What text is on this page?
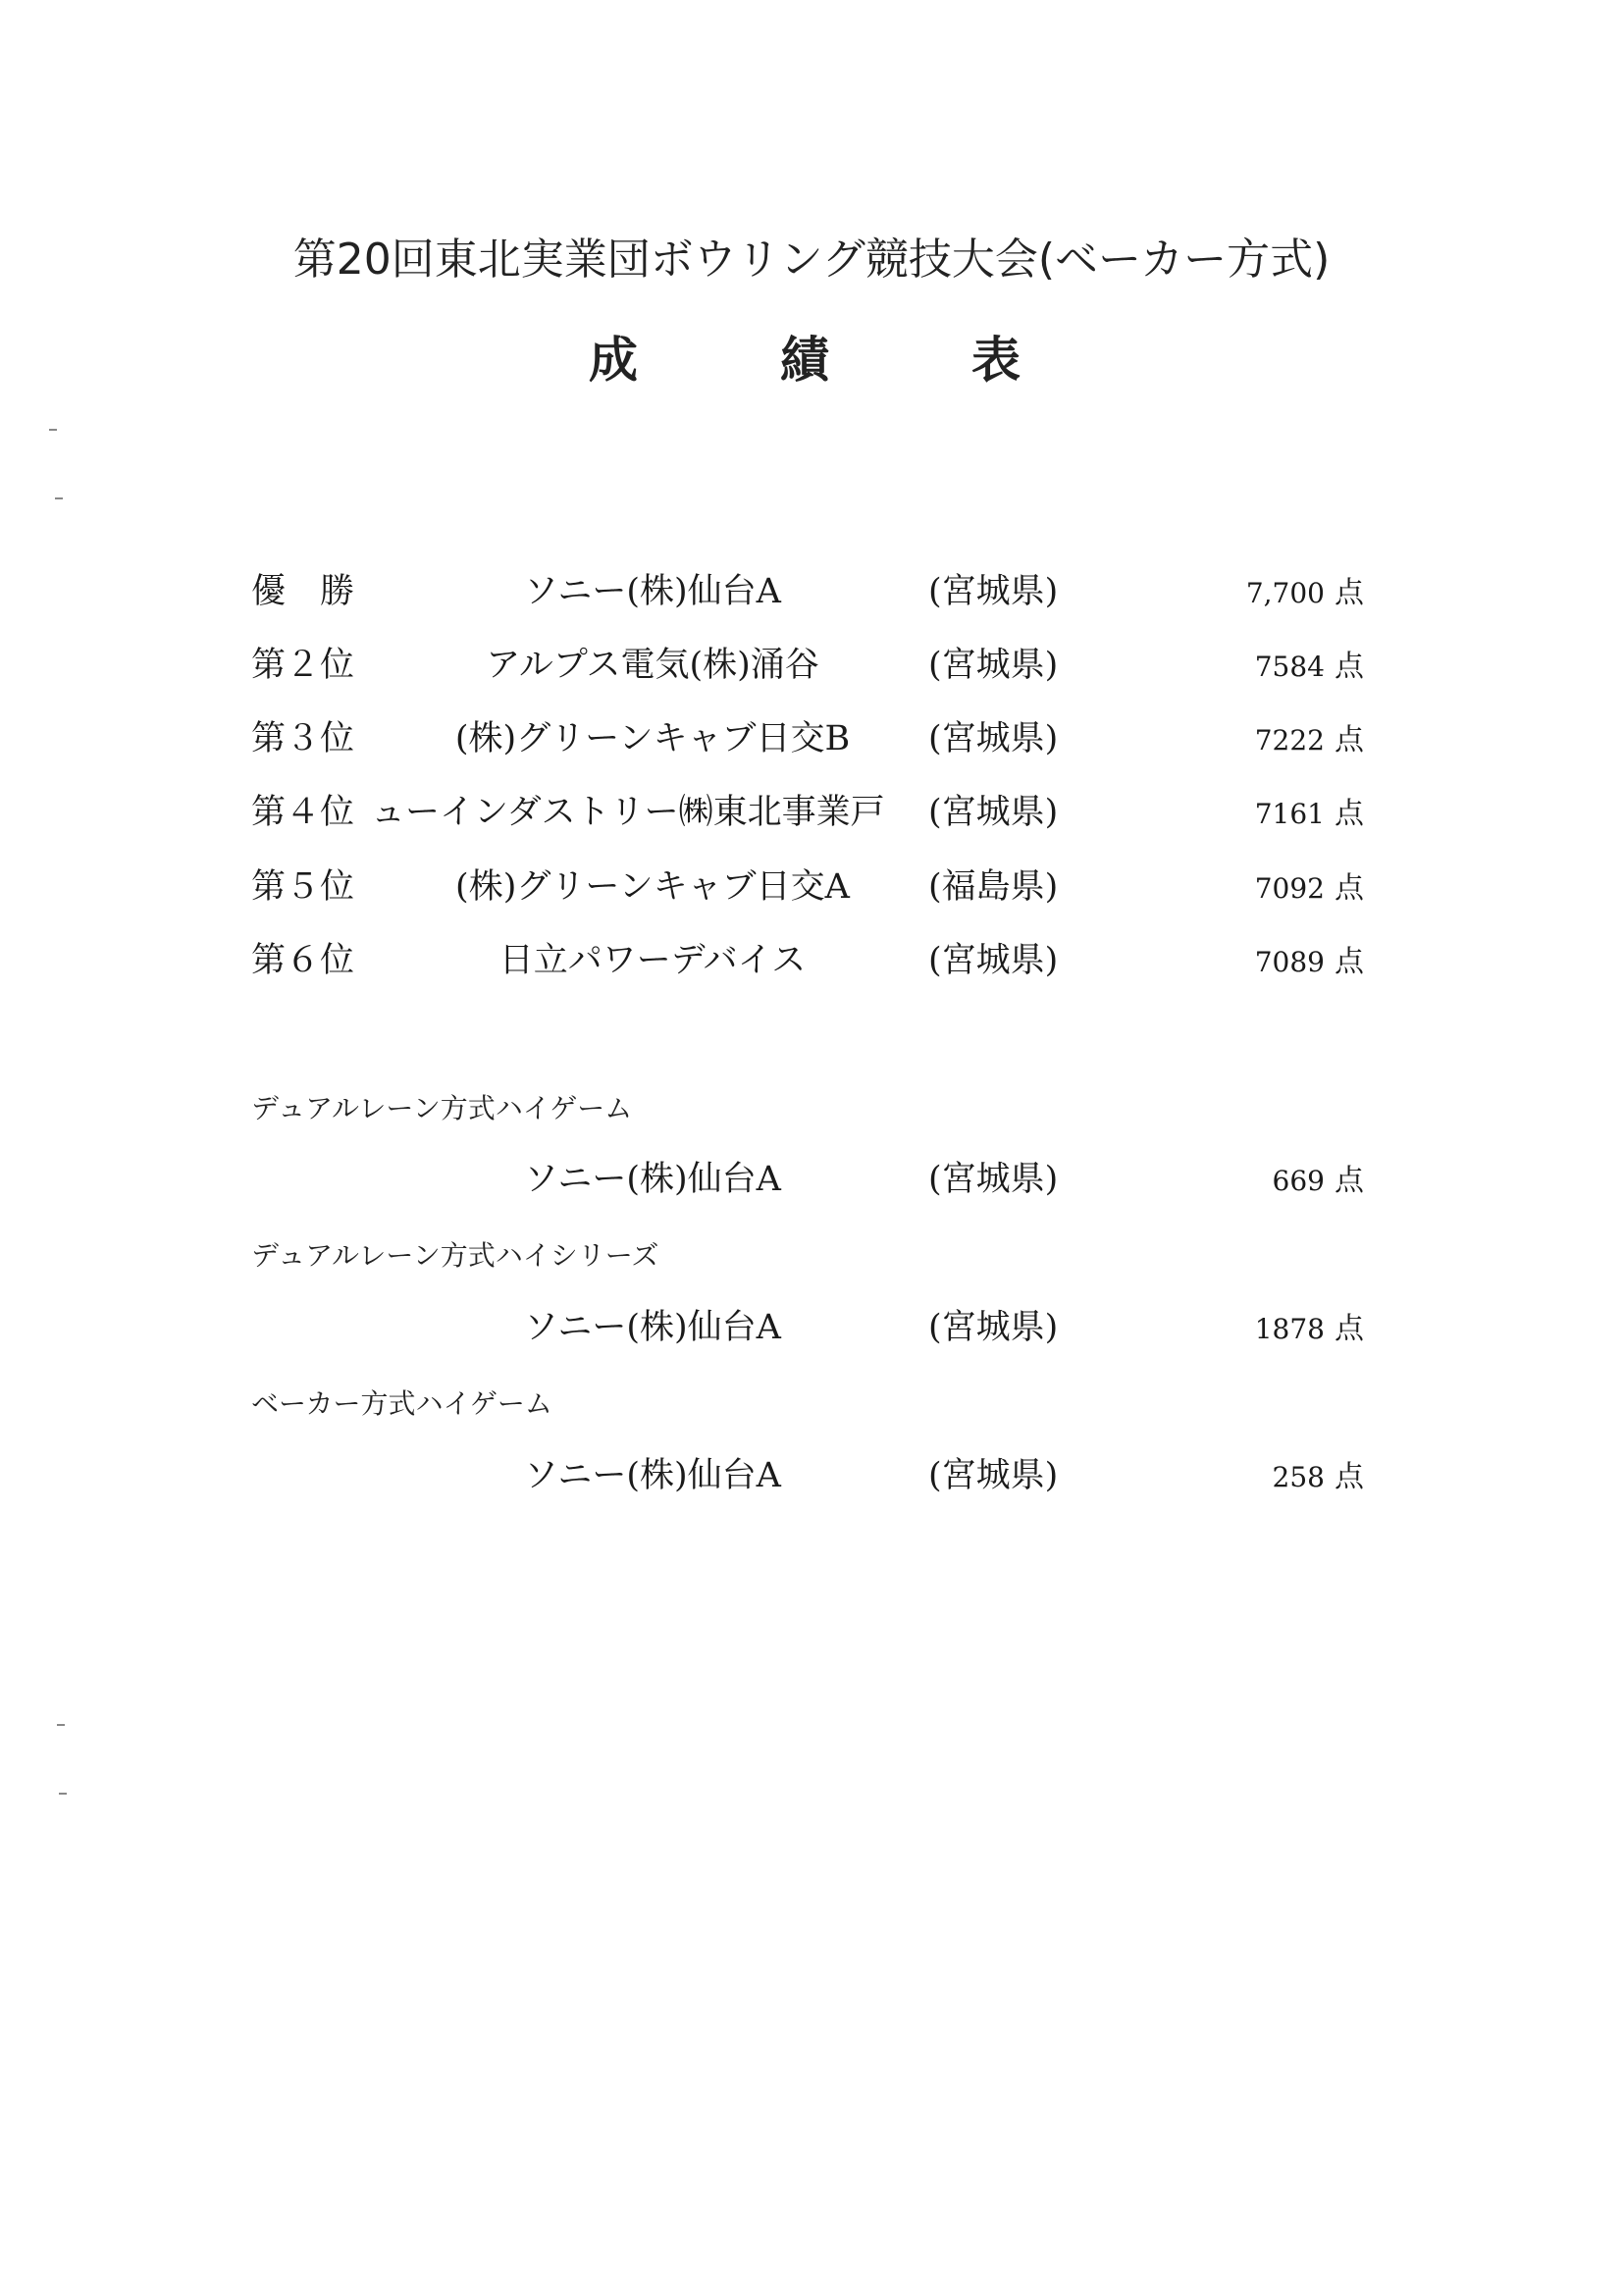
第20回東北実業団ボウリング競技大会(ベーカー方式)
成	績	表
優　勝	ソニー(株)仙台A	(宮城県)	7,700 点
第２位	アルプス電気(株)涌谷	(宮城県)	7584 点
第３位	(株)グリーンキャブ日交B (宮城県)	7222 点
第４位 ューインダストリー㈱東北事業戸	(宮城県)	7161 点
第５位	(株)グリーンキャブ日交A (福島県)	7092 点
第６位	日立パワーデバイス	(宮城県)	7089 点
デュアルレーン方式ハイゲーム
ソニー(株)仙台A	(宮城県)	669 点
デュアルレーン方式ハイシリーズ
ソニー(株)仙台A	(宮城県)	1878 点
ベーカー方式ハイゲーム
ソニー(株)仙台A	(宮城県)	258 点
